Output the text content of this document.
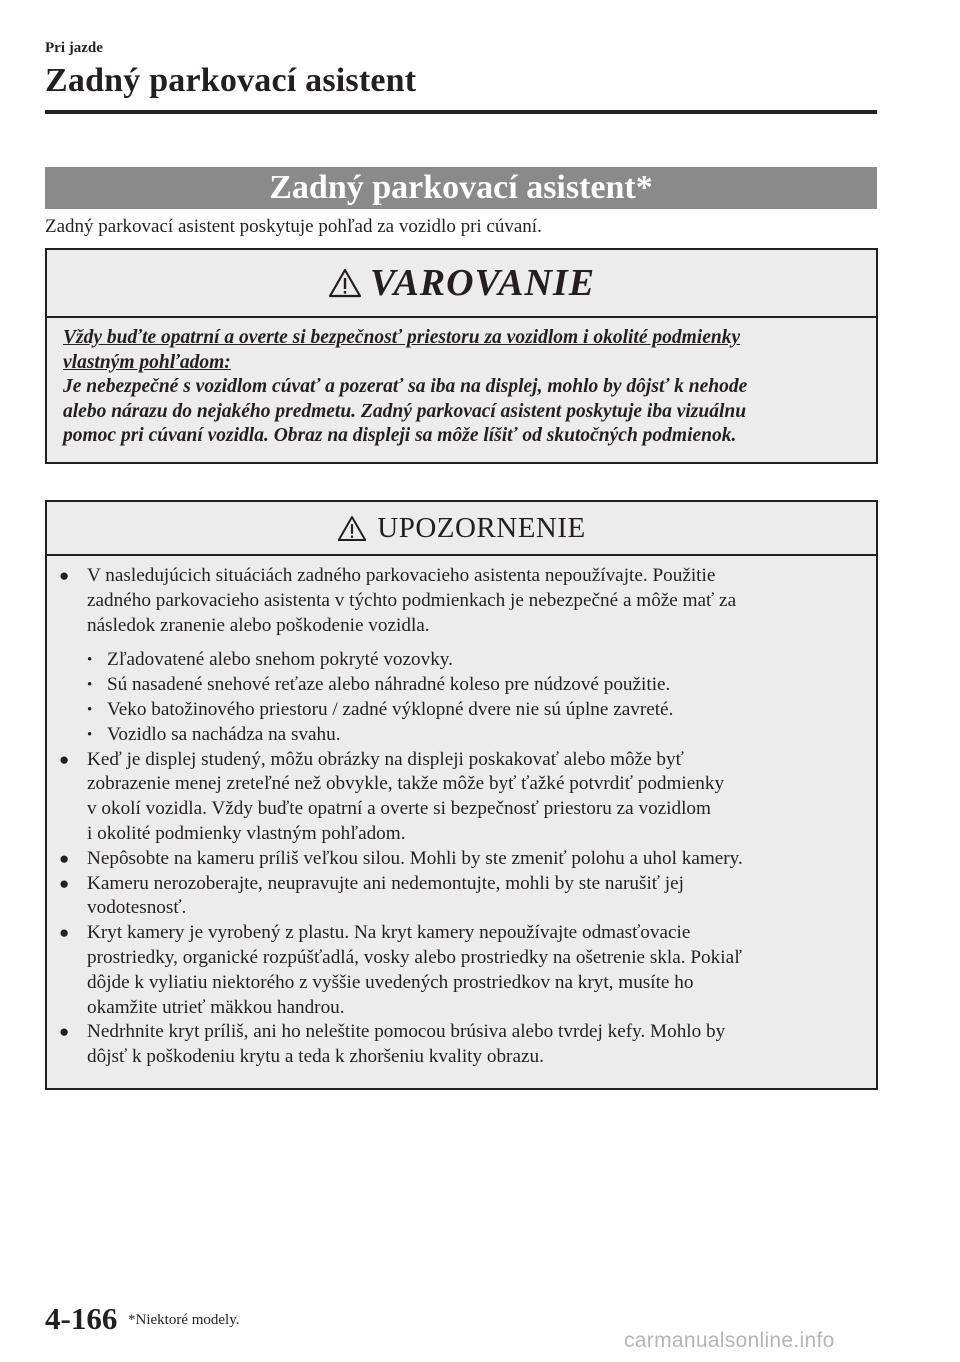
Pri jazde
Zadný parkovací asistent
Zadný parkovací asistent*
Zadný parkovací asistent poskytuje pohľad za vozidlo pri cúvaní.
VAROVANIE
Vždy buďte opatrní a overte si bezpečnosť priestoru za vozidlom i okolité podmienky
vlastným pohľadom:
Je nebezpečné s vozidlom cúvať a pozerať sa iba na displej, mohlo by dôjsť k nehode
alebo nárazu do nejakého predmetu. Zadný parkovací asistent poskytuje iba vizuálnu
pomoc pri cúvaní vozidla. Obraz na displeji sa môže líšiť od skutočných podmienok.
UPOZORNENIE
● V nasledujúcich situáciách zadného parkovacieho asistenta nepoužívajte. Použitie
zadného parkovacieho asistenta v týchto podmienkach je nebezpečné a môže mať za
následok zranenie alebo poškodenie vozidla.
• Zľadovatené alebo snehom pokryté vozovky.
• Sú nasadené snehové reťaze alebo náhradné koleso pre núdzové použitie.
• Veko batožinového priestoru / zadné výklopné dvere nie sú úplne zavreté.
• Vozidlo sa nachádza na svahu.
● Keď je displej studený, môžu obrázky na displeji poskakovať alebo môže byť
zobrazenie menej zreteľné než obvykle, takže môže byť ťažké potvrdiť podmienky
v okolí vozidla. Vždy buďte opatrní a overte si bezpečnosť priestoru za vozidlom
i okolité podmienky vlastným pohľadom.
● Nepôsobte na kameru príliš veľkou silou. Mohli by ste zmeniť polohu a uhol kamery.
● Kameru nerozoberajte, neupravujte ani nedemontujte, mohli by ste narušiť jej
vodotesnosť.
● Kryt kamery je vyrobený z plastu. Na kryt kamery nepoužívajte odmasťovacie
prostriedky, organické rozpúšťadlá, vosky alebo prostriedky na ošetrenie skla. Pokiaľ
dôjde k vyliatiu niektorého z vyššie uvedených prostriedkov na kryt, musíte ho
okamžite utrieť mäkkou handrou.
● Nedrhnite kryt príliš, ani ho neleštite pomocou brúsiva alebo tvrdej kefy. Mohlo by
dôjsť k poškodeniu krytu a teda k zhoršeniu kvality obrazu.
4-166 *Niektoré modely.
carmanualsonline.info
